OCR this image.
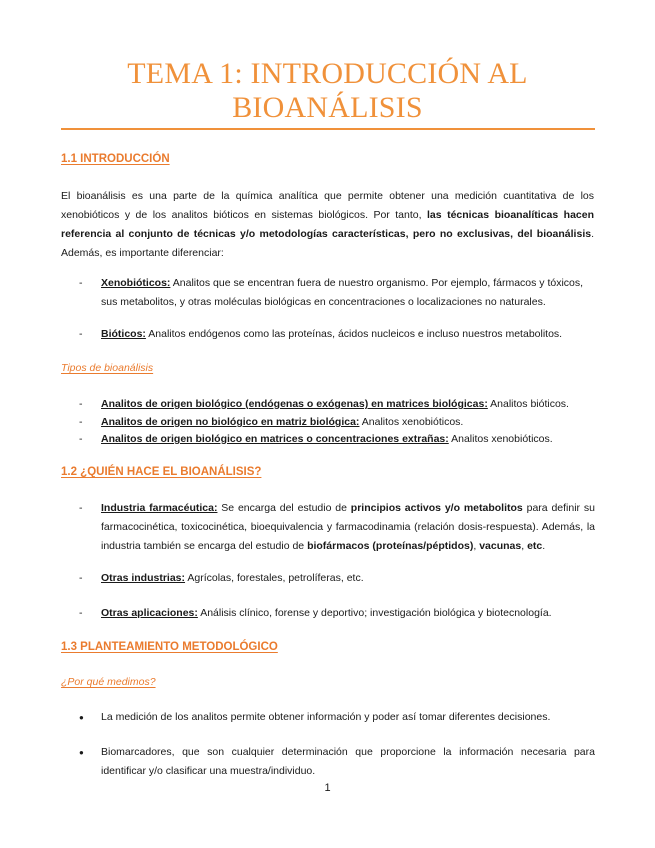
TEMA 1: INTRODUCCIÓN AL
BIOANÁLISIS
1.1 INTRODUCCIÓN
El bioanálisis es una parte de la química analítica que permite obtener una medición cuantitativa de los xenobióticos y de los analitos bióticos en sistemas biológicos. Por tanto, las técnicas bioanalíticas hacen referencia al conjunto de técnicas y/o metodologías características, pero no exclusivas, del bioanálisis. Además, es importante diferenciar:
-	Xenobióticos: Analitos que se encentran fuera de nuestro organismo. Por ejemplo, fármacos y tóxicos, sus metabolitos, y otras moléculas biológicas en concentraciones o localizaciones no naturales.
-	Bióticos: Analitos endógenos como las proteínas, ácidos nucleicos e incluso nuestros metabolitos.
Tipos de bioanálisis
-	Analitos de origen biológico (endógenas o exógenas) en matrices biológicas: Analitos bióticos.
-	Analitos de origen no biológico en matriz biológica: Analitos xenobióticos.
-	Analitos de origen biológico en matrices o concentraciones extrañas: Analitos xenobióticos.
1.2 ¿QUIÉN HACE EL BIOANÁLISIS?
-	Industria farmacéutica: Se encarga del estudio de principios activos y/o metabolitos para definir su farmacocinética, toxicocinética, bioequivalencia y farmacodinamia (relación dosis-respuesta). Además, la industria también se encarga del estudio de biofármacos (proteínas/péptidos), vacunas, etc.
-	Otras industrias: Agrícolas, forestales, petrolíferas, etc.
-	Otras aplicaciones: Análisis clínico, forense y deportivo; investigación biológica y biotecnología.
1.3 PLANTEAMIENTO METODOLÓGICO
¿Por qué medimos?
●	La medición de los analitos permite obtener información y poder así tomar diferentes decisiones.
●	Biomarcadores, que son cualquier determinación que proporcione la información necesaria para identificar y/o clasificar una muestra/individuo.
1
